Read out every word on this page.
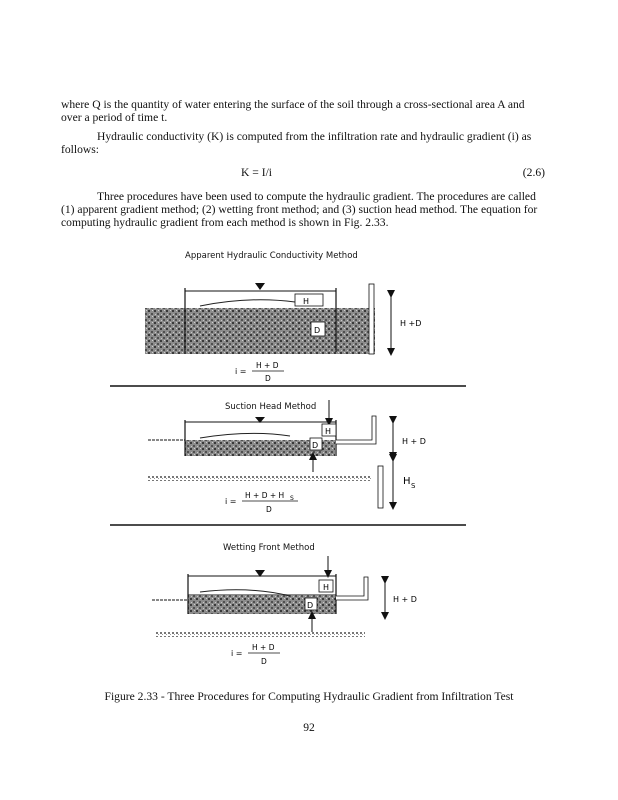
where Q is the quantity of water entering the surface of the soil through a cross-sectional area A and over a period of time t.

Hydraulic conductivity (K) is computed from the infiltration rate and hydraulic gradient (i) as follows:

K = I/i	(2.6)

Three procedures have been used to compute the hydraulic gradient. The procedures are called (1) apparent gradient method; (2) wetting front method; and (3) suction head method. The equation for computing hydraulic gradient from each method is shown in Fig. 2.33.

Apparent Hydraulic Conductivity Method
H
D
H +D
i =
H + D
D
Suction Head Method
H
D	H + D
H S
i =
H + D + H S
D
Wetting Front Method
H
D
H + D
i =
H + D
D
Figure 2.33 - Three Procedures for Computing Hydraulic Gradient from Infiltration Test
92
